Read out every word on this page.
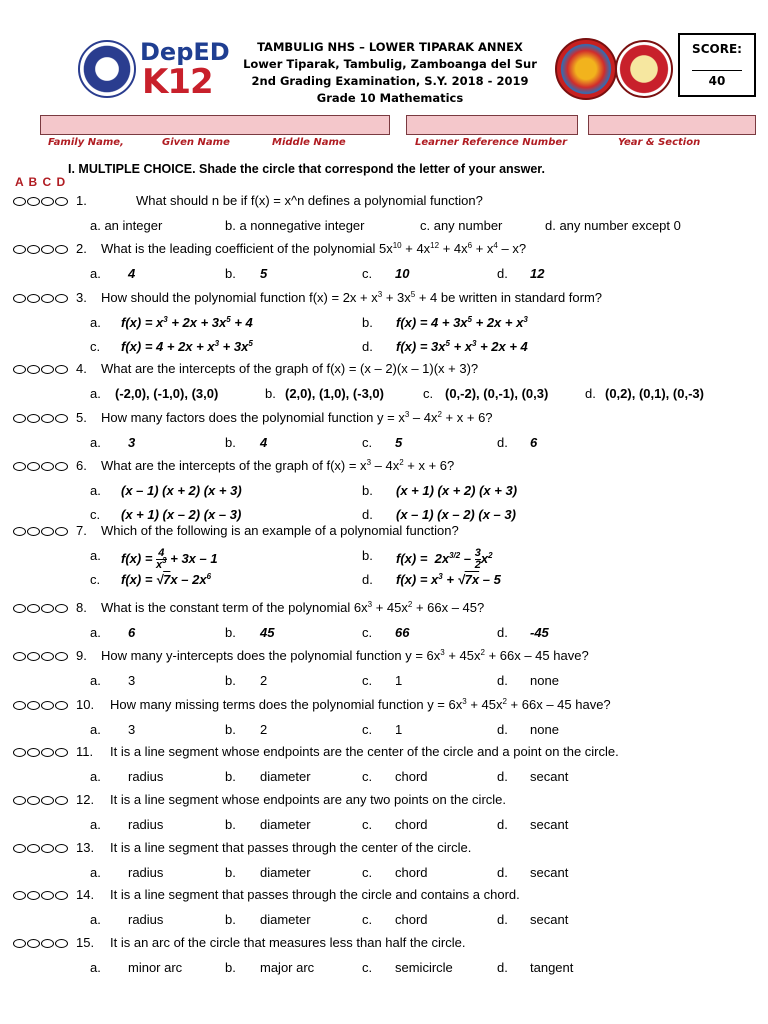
DepED
K12
TAMBULIG NHS – LOWER TIPARAK ANNEX
Lower Tiparak, Tambulig, Zamboanga del Sur
2nd Grading Examination, S.Y. 2018 - 2019
Grade 10 Mathematics
SCORE:
40
Family Name,	Given Name	Middle Name	Learner Reference Number	Year & Section
I. MULTIPLE CHOICE. Shade the circle that correspond the letter of your answer.
A B C D
1.	What should n be if f(x) = x^n defines a polynomial function?
a. an integer	b. a nonnegative integer	c. any number	d. any number except 0
2. What is the leading coefficient of the polynomial $5x^{10} + 4x^{12} + 4x^6 + x^4 - x$?
a. 4	b. 5	c. 10	d. 12
3. How should the polynomial function $f(x) = 2x + x^3 + 3x^5 + 4$ be written in standard form?
a. $f(x) = x^3 + 2x + 3x^5 + 4$	b. $f(x) = 4 + 3x^5 + 2x + x^3$
c. $f(x) = 4 + 2x + x^3 + 3x^5$	d. $f(x) = 3x^5 + x^3 + 2x + 4$
4. What are the intercepts of the graph of f(x) = (x – 2)(x – 1)(x + 3)?
a. (-2,0), (-1,0), (3,0)	b. (2,0), (1,0), (-3,0)	c. (0,-2), (0,-1), (0,3)	d. (0,2), (0,1), (0,-3)
5. How many factors does the polynomial function $y = x^3 - 4x^2 + x + 6$?
a. 3	b. 4	c. 5	d. 6
6. What are the intercepts of the graph of $f(x) = x^3 - 4x^2 + x + 6$?
a. (x – 1) (x + 2) (x + 3)	b. (x + 1) (x + 2) (x + 3)
c. (x + 1) (x – 2) (x – 3)	d. (x – 1) (x – 2) (x – 3)
7. Which of the following is an example of a polynomial function?
a. $f(x) = \frac{4}{x^3} + 3x - 1$	b. $f(x) = 2x^{3/2} - \frac{3}{2} x^2$
c. $f(x) = √7x - 2x^6$	d. $f(x) = x^3 + √7x - 5$
8. What is the constant term of the polynomial $6x^3 + 45x^2 + 66x - 45$?
a. 6	b. 45	c. 66	d. -45
9. How many y-intercepts does the polynomial function $y = 6x^3 + 45x^2 + 66x - 45$ have?
a. 3	b. 2	c. 1	d. none
10. How many missing terms does the polynomial function $y = 6x^3 + 45x^2 + 66x - 45$ have?
a. 3	b. 2	c. 1	d. none
11. It is a line segment whose endpoints are the center of the circle and a point on the circle.
a. radius	b. diameter	c. chord	d. secant
12. It is a line segment whose endpoints are any two points on the circle.
a. radius	b. diameter	c. chord	d. secant
13. It is a line segment that passes through the center of the circle.
a. radius	b. diameter	c. chord	d. secant
14. It is a line segment that passes through the circle and contains a chord.
a. radius	b. diameter	c. chord	d. secant
15. It is an arc of the circle that measures less than half the circle.
a. minor arc	b. major arc	c. semicircle	d. tangent
